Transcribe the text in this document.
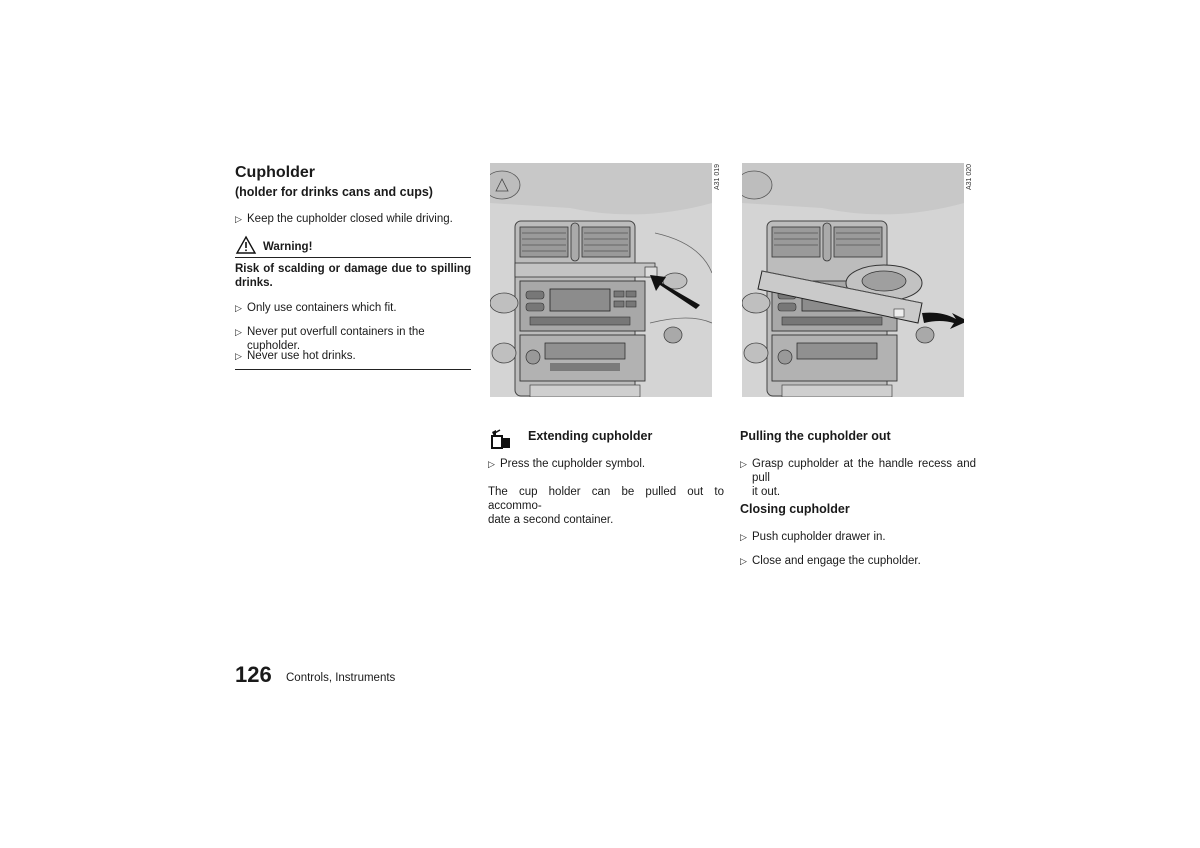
Cupholder
(holder for drinks cans and cups)
▷ Keep the cupholder closed while driving.
Warning!
Risk of scalding or damage due to spilling
drinks.
▷ Only use containers which fit.
▷ Never put overfull containers in the cupholder.
▷ Never use hot drinks.
A31 019	A31 020
Extending cupholder
▷ Press the cupholder symbol.
The cup holder can be pulled out to accommo-
date a second container.
Pulling the cupholder out
▷ Grasp cupholder at the handle recess and pull
it out.
Closing cupholder
▷ Push cupholder drawer in.
▷ Close and engage the cupholder.
126 Controls, Instruments
